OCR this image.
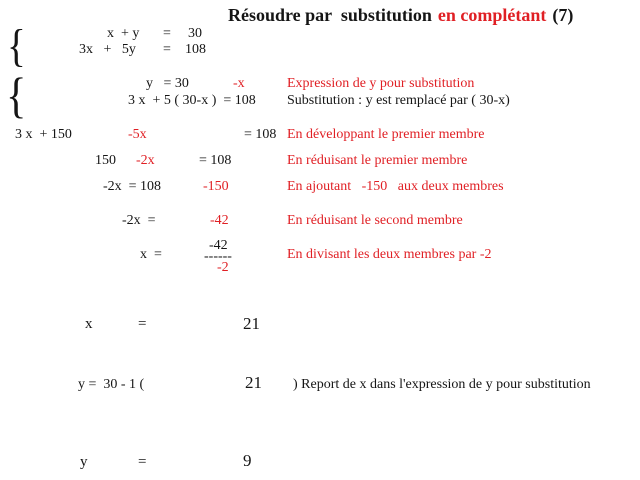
Résoudre par  substitution en complétant (7)
{	x  + y = 30
3x   +   5y = 108
{	y   = 30	-x	Expression de y pour substitution
3 x  + 5 ( 30-x )  = 108 Substitution : y est remplacé par ( 30-x)
3 x  + 150	-5x	= 108 En développant le premier membre
150 -2x	= 108	En réduisant le premier membre
-2x  = 108	-150	En ajoutant   -150   aux deux membres
-2x  =	-42	En réduisant le second membre
x  =
-42
------
-2
En divisant les deux membres par -2
x	=	21
y =  30 - 1 (	21 ) Report de x dans l'expression de y pour substitution
y	=	9
